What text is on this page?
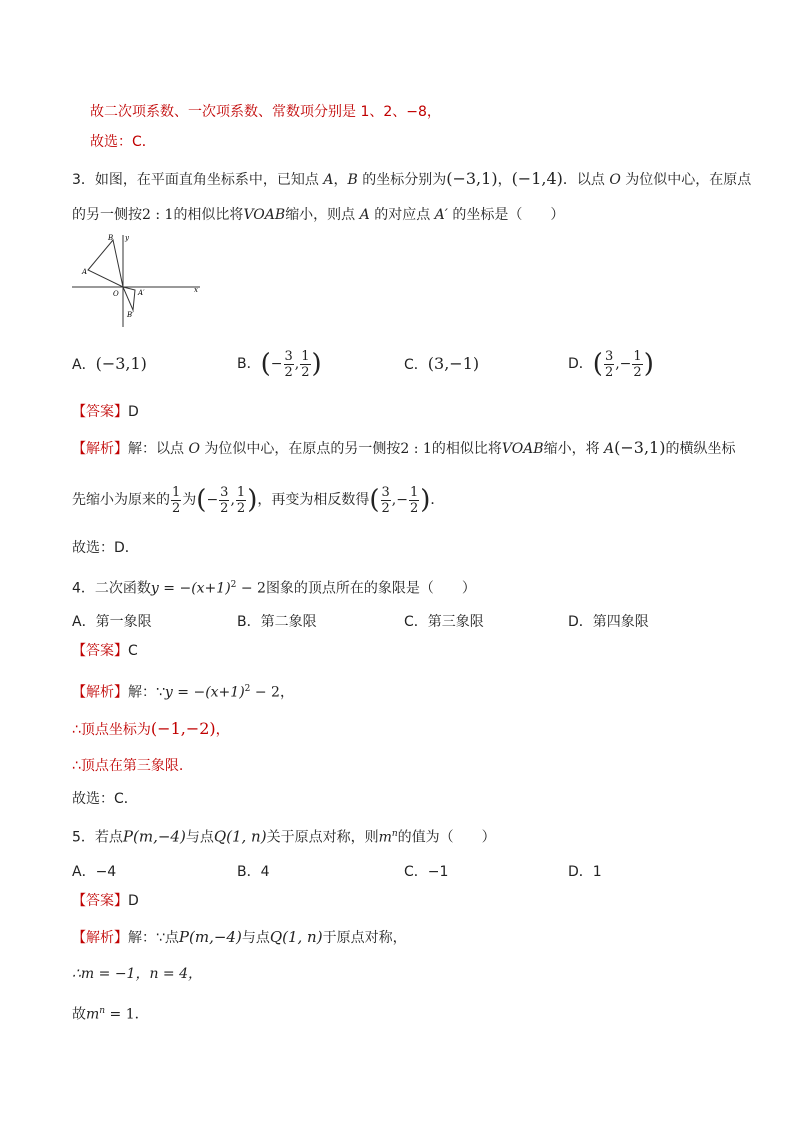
故二次项系数、一次项系数、常数项分别是 1、2、−8，
故选：C．
3．如图，在平面直角坐标系中，已知点 A，B 的坐标分别为(−3,1)，(−1,4)．以点 O 为位似中心，在原点
的另一侧按2 : 1的相似比将VOAB缩小，则点 A 的对应点 A′ 的坐标是（　　）
B y
A
O	A′
B′
x
A．(−3,1)	B．(− $\frac{3}{2}$ , $\frac{1}{2}$ )	C．(3,−1)	D．( $\frac{3}{2}$ ,− $\frac{1}{2}$ )
【答案】D
【解析】解：以点 O 为位似中心，在原点的另一侧按2 : 1的相似比将VOAB缩小，将 A(−3,1)的横纵坐标
先缩小为原来的 $\frac{1}{2}$ 为(− $\frac{3}{2}$ , $\frac{1}{2}$ )，再变为相反数得( $\frac{3}{2}$ ,− $\frac{1}{2}$ )．
故选：D．
4．二次函数$y = -(x+1)^2 - 2$图象的顶点所在的象限是（　　）
A．第一象限	B．第二象限	C．第三象限	D．第四象限
【答案】C
【解析】解：∵y = $-(x+1)^2 - 2$，
∴顶点坐标为(−1,−2)，
∴顶点在第三象限.
故选：C．
5．若点P(m,−4)与点Q(1, n)关于原点对称，则$m^n$的值为（　　）
A．−4	B．4	C．−1	D．1
【答案】D
【解析】解：∵点P(m,−4)与点Q(1, n)于原点对称，
∴m = −1，n = 4，
故$m^n = 1$．
